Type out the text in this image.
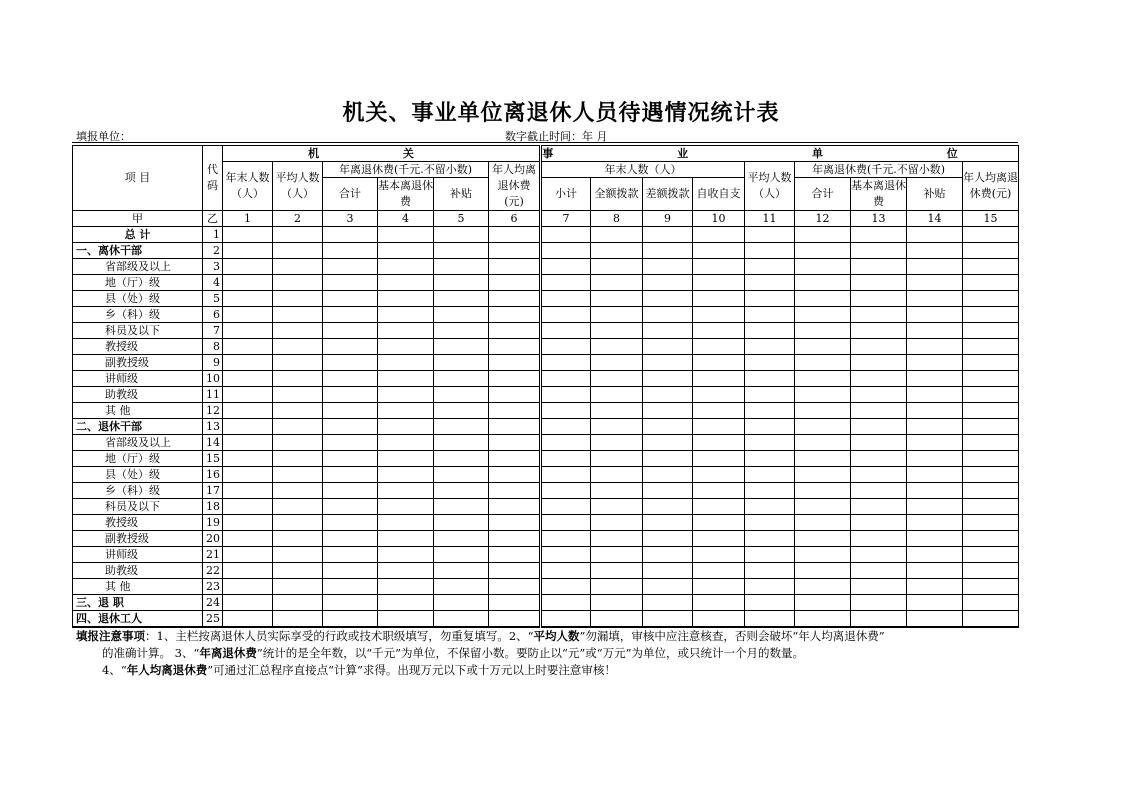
机关、事业单位离退休人员待遇情况统计表
填报单位：	数字截止时间：年 月
项 目	代码	机 关						事 业 单 位								
		年末人数（人）	平均人数（人）	年离退休费(千元.不留小数)			年人均离退休费(元)	年末人数（人）				平均人数（人）	年离退休费(千元.不留小数)			年人均离退休费(元)
				合计	基本离退休费	补贴		小计	全额拨款	差额拨款	自收自支		合计	基本离退休费	补贴	

甲	乙	1	2	3	4	5	6	7	8	9	10	11	12	13	14	15
总 计	1															
一、离休干部	2															
省部级及以上	3															
地（厅）级	4															
县（处）级	5															
乡（科）级	6															
科员及以下	7															
教授级	8															
副教授级	9															
讲师级	10															
助教级	11															
其 他	12															
二、退休干部	13															
省部级及以上	14															
地（厅）级	15															
县（处）级	16															
乡（科）级	17															
科员及以下	18															
教授级	19															
副教授级	20															
讲师级	21															
助教级	22															
其 他	23															
三、退 职	24															
四、退休工人	25															
填报注意事项：1、主栏按离退休人员实际享受的行政或技术职级填写，勿重复填写。2、“平均人数”勿漏填，审核中应注意核查，否则会破坏“年人均离退休费”
的准确计算。 3、“年离退休费”统计的是全年数，以“千元”为单位，不保留小数。要防止以“元”或“万元”为单位，或只统计一个月的数量。
4、“年人均离退休费”可通过汇总程序直接点“计算”求得。出现万元以下或十万元以上时要注意审核！
